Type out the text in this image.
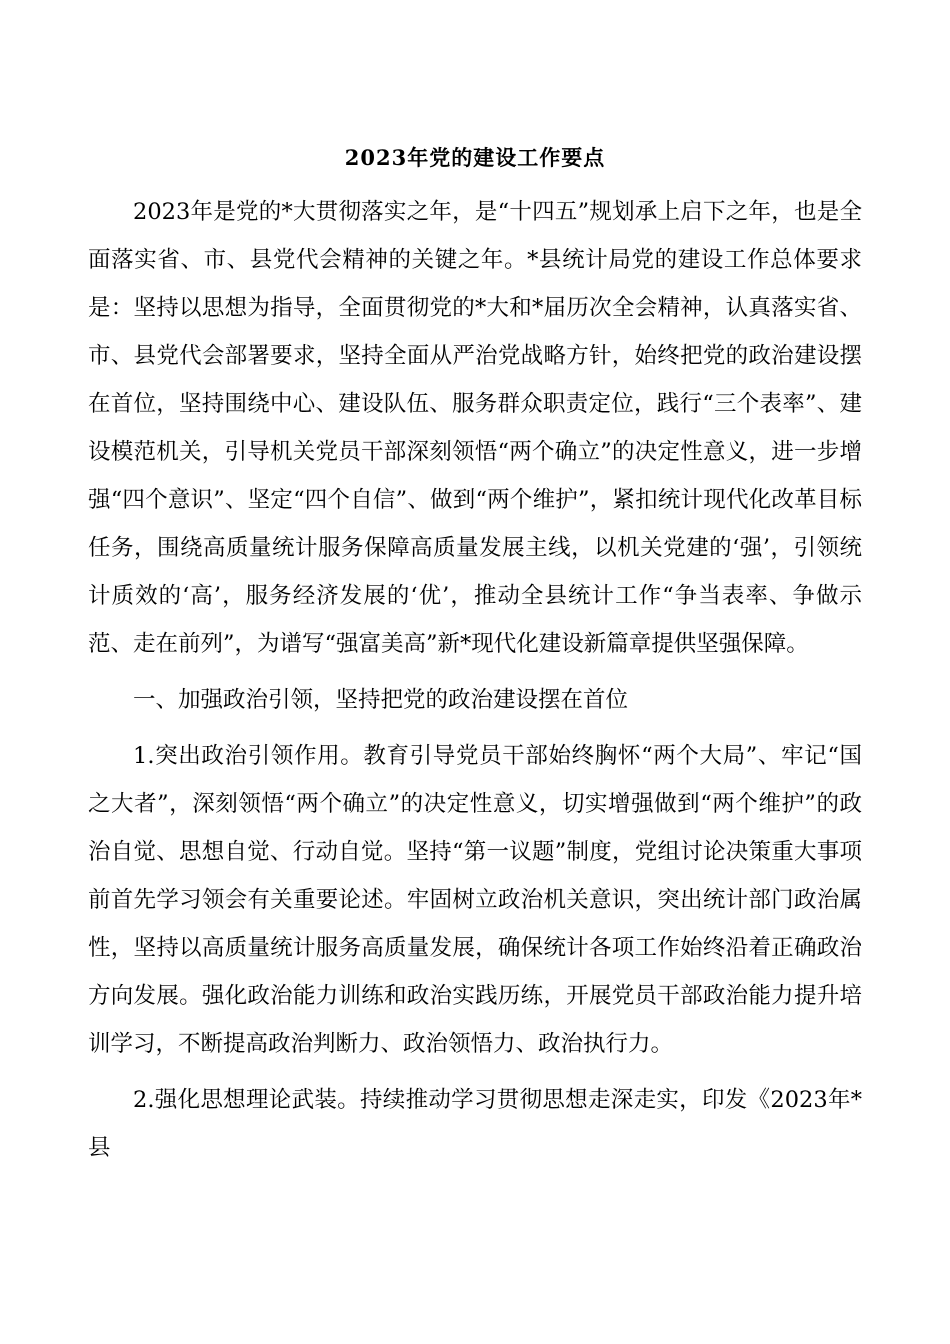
2023年党的建设工作要点

2023年是党的*大贯彻落实之年，是“十四五”规划承上启下之年，也是全面落实省、市、县党代会精神的关键之年。*县统计局党的建设工作总体要求是：坚持以思想为指导，全面贯彻党的*大和*届历次全会精神，认真落实省、市、县党代会部署要求，坚持全面从严治党战略方针，始终把党的政治建设摆在首位，坚持围绕中心、建设队伍、服务群众职责定位，践行“三个表率”、建设模范机关，引导机关党员干部深刻领悟“两个确立”的决定性意义，进一步增强“四个意识”、坚定“四个自信”、做到“两个维护”，紧扣统计现代化改革目标任务，围绕高质量统计服务保障高质量发展主线，以机关党建的‘强’，引领统计质效的‘高’，服务经济发展的‘优’，推动全县统计工作“争当表率、争做示范、走在前列”，为谱写“强富美高”新*现代化建设新篇章提供坚强保障。

一、加强政治引领，坚持把党的政治建设摆在首位

1.突出政治引领作用。教育引导党员干部始终胸怀“两个大局”、牢记“国之大者”，深刻领悟“两个确立”的决定性意义，切实增强做到“两个维护”的政治自觉、思想自觉、行动自觉。坚持“第一议题”制度，党组讨论决策重大事项前首先学习领会有关重要论述。牢固树立政治机关意识，突出统计部门政治属性，坚持以高质量统计服务高质量发展，确保统计各项工作始终沿着正确政治方向发展。强化政治能力训练和政治实践历练，开展党员干部政治能力提升培训学习，不断提高政治判断力、政治领悟力、政治执行力。

2.强化思想理论武装。持续推动学习贯彻思想走深走实，印发《2023年*县
